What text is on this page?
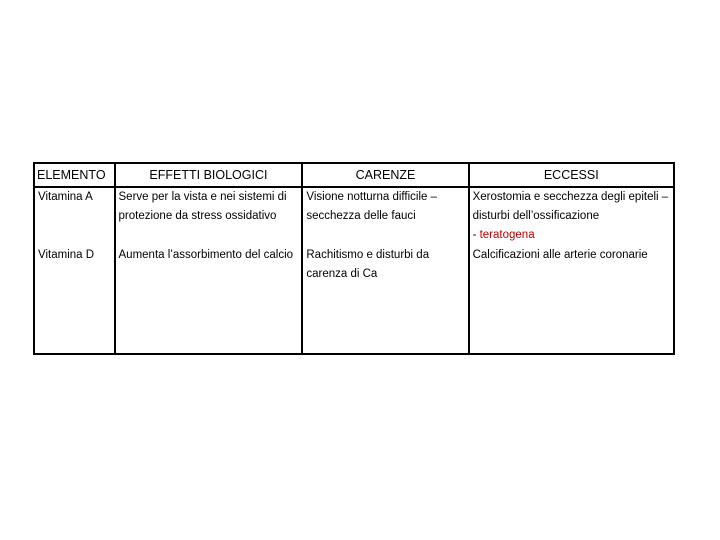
ELEMENTO	EFFETTI BIOLOGICI	CARENZE	ECCESSI
Vitamina A	Serve per la vista e nei sistemi di protezione da stress ossidativo	Visione notturna difficile – secchezza delle fauci	Xerostomia e secchezza degli epiteli – disturbi dell’ossificazione
- teratogena
Vitamina D	Aumenta l’assorbimento del calcio	Rachitismo e disturbi da carenza di Ca	Calcificazioni alle arterie coronarie
